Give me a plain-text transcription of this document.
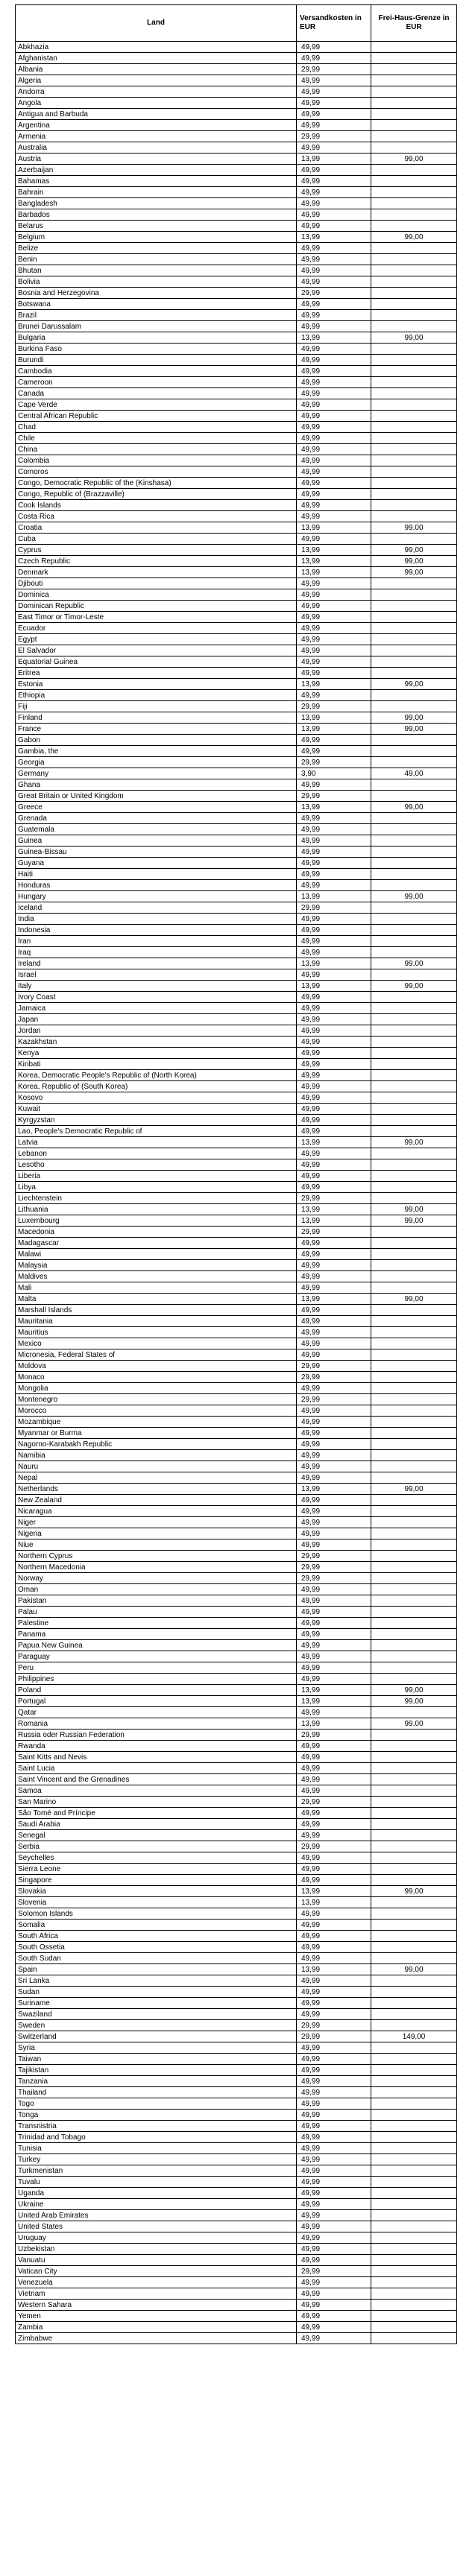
Land	Versandkosten in EUR	Frei-Haus-Grenze in EUR
Abkhazia	49,99	
Afghanistan	49,99	
Albania	29,99	
Algeria	49,99	
Andorra	49,99	
Angola	49,99	
Antigua and Barbuda	49,99	
Argentina	49,99	
Armenia	29,99	
Australia	49,99	
Austria	13,99	99,00
Azerbaijan	49,99	
Bahamas	49,99	
Bahrain	49,99	
Bangladesh	49,99	
Barbados	49,99	
Belarus	49,99	
Belgium	13,99	99,00
Belize	49,99	
Benin	49,99	
Bhutan	49,99	
Bolivia	49,99	
Bosnia and Herzegovina	29,99	
Botswana	49,99	
Brazil	49,99	
Brunei Darussalam	49,99	
Bulgaria	13,99	99,00
Burkina Faso	49,99	
Burundi	49,99	
Cambodia	49,99	
Cameroon	49,99	
Canada	49,99	
Cape Verde	49,99	
Central African Republic	49,99	
Chad	49,99	
Chile	49,99	
China	49,99	
Colombia	49,99	
Comoros	49,99	
Congo, Democratic Republic of the (Kinshasa)	49,99	
Congo, Republic of (Brazzaville)	49,99	
Cook Islands	49,99	
Costa Rica	49,99	
Croatia	13,99	99,00
Cuba	49,99	
Cyprus	13,99	99,00
Czech Republic	13,99	99,00
Denmark	13,99	99,00
Djibouti	49,99	
Dominica	49,99	
Dominican Republic	49,99	
East Timor or Timor-Leste	49,99	
Ecuador	49,99	
Egypt	49,99	
El Salvador	49,99	
Equatorial Guinea	49,99	
Eritrea	49,99	
Estonia	13,99	99,00
Ethiopia	49,99	
Fiji	29,99	
Finland	13,99	99,00
France	13,99	99,00
Gabon	49,99	
Gambia, the	49,99	
Georgia	29,99	
Germany	3,90	49,00
Ghana	49,99	
Great Britain or United Kingdom	29,99	
Greece	13,99	99,00
Grenada	49,99	
Guatemala	49,99	
Guinea	49,99	
Guinea-Bissau	49,99	
Guyana	49,99	
Haiti	49,99	
Honduras	49,99	
Hungary	13,99	99,00
Iceland	29,99	
India	49,99	
Indonesia	49,99	
Iran	49,99	
Iraq	49,99	
Ireland	13,99	99,00
Israel	49,99	
Italy	13,99	99,00
Ivory Coast	49,99	
Jamaica	49,99	
Japan	49,99	
Jordan	49,99	
Kazakhstan	49,99	
Kenya	49,99	
Kiribati	49,99	
Korea, Democratic People's Republic of (North Korea)	49,99	
Korea, Republic of (South Korea)	49,99	
Kosovo	49,99	
Kuwait	49,99	
Kyrgyzstan	49,99	
Lao, People's Democratic Republic of	49,99	
Latvia	13,99	99,00
Lebanon	49,99	
Lesotho	49,99	
Liberia	49,99	
Libya	49,99	
Liechtenstein	29,99	
Lithuania	13,99	99,00
Luxembourg	13,99	99,00
Macedonia	29,99	
Madagascar	49,99	
Malawi	49,99	
Malaysia	49,99	
Maldives	49,99	
Mali	49,99	
Malta	13,99	99,00
Marshall Islands	49,99	
Mauritania	49,99	
Mauritius	49,99	
Mexico	49,99	
Micronesia, Federal States of	49,99	
Moldova	29,99	
Monaco	29,99	
Mongolia	49,99	
Montenegro	29,99	
Morocco	49,99	
Mozambique	49,99	
Myanmar or Burma	49,99	
Nagorno-Karabakh Republic	49,99	
Namibia	49,99	
Nauru	49,99	
Nepal	49,99	
Netherlands	13,99	99,00
New Zealand	49,99	
Nicaragua	49,99	
Niger	49,99	
Nigeria	49,99	
Niue	49,99	
Northern Cyprus	29,99	
Northern Macedonia	29,99	
Norway	29,99	
Oman	49,99	
Pakistan	49,99	
Palau	49,99	
Palestine	49,99	
Panama	49,99	
Papua New Guinea	49,99	
Paraguay	49,99	
Peru	49,99	
Philippines	49,99	
Poland	13,99	99,00
Portugal	13,99	99,00
Qatar	49,99	
Romania	13,99	99,00
Russia oder Russian Federation	29,99	
Rwanda	49,99	
Saint Kitts and Nevis	49,99	
Saint Lucia	49,99	
Saint Vincent and the Grenadines	49,99	
Samoa	49,99	
San Marino	29,99	
São Tomé and Príncipe	49,99	
Saudi Arabia	49,99	
Senegal	49,99	
Serbia	29,99	
Seychelles	49,99	
Sierra Leone	49,99	
Singapore	49,99	
Slovakia	13,99	99,00
Slovenia	13,99	
Solomon Islands	49,99	
Somalia	49,99	
South Africa	49,99	
South Ossetia	49,99	
South Sudan	49,99	
Spain	13,99	99,00
Sri Lanka	49,99	
Sudan	49,99	
Suriname	49,99	
Swaziland	49,99	
Sweden	29,99	
Switzerland	29,99	149,00
Syria	49,99	
Taiwan	49,99	
Tajikistan	49,99	
Tanzania	49,99	
Thailand	49,99	
Togo	49,99	
Tonga	49,99	
Transnistria	49,99	
Trinidad and Tobago	49,99	
Tunisia	49,99	
Turkey	49,99	
Turkmenistan	49,99	
Tuvalu	49,99	
Uganda	49,99	
Ukraine	49,99	
United Arab Emirates	49,99	
United States	49,99	
Uruguay	49,99	
Uzbekistan	49,99	
Vanuatu	49,99	
Vatican City	29,99	
Venezuela	49,99	
Vietnam	49,99	
Western Sahara	49,99	
Yemen	49,99	
Zambia	49,99	
Zimbabwe	49,99	
